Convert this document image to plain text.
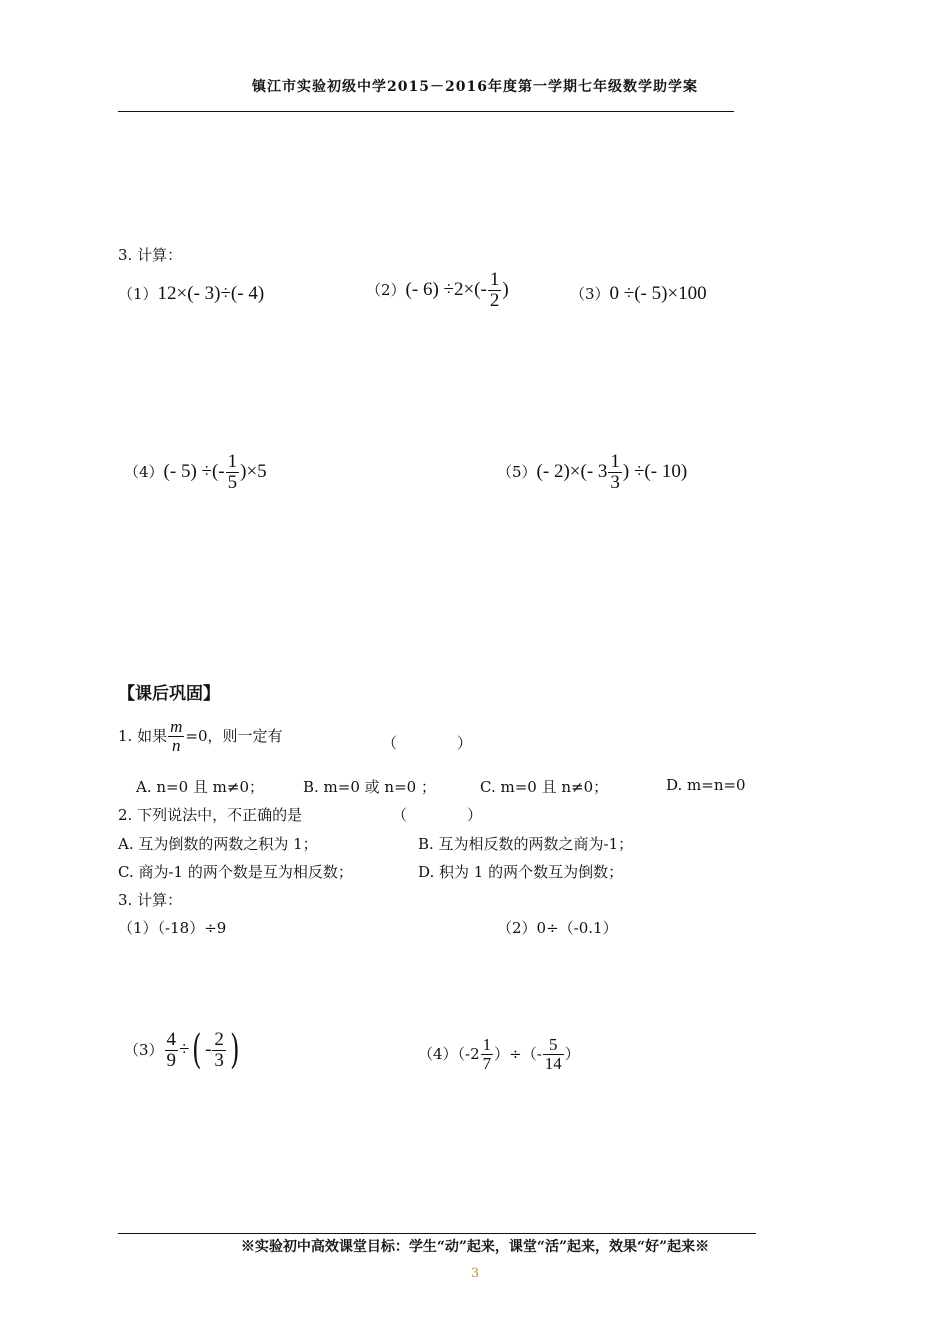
镇江市实验初级中学2015－2016年度第一学期七年级数学助学案
3. 计算：
（1）12×(- 3)÷(- 4)	（2）(- $6) \div 2\times(- \frac{1}{2}$ )	（3）0 ÷(- 5)×100
（4）(- 5) ÷(- $\frac{1}{5} )\times 5$	（5）(- 2)×(- $3 \frac{1}{3}$ ) ÷(- 10)
【课后巩固】
1. 如果 $\frac{m}{n} =0$，则一定有	（　　　　）
A. n=0 且 m≠0；	B. m=0 或 n=0 ；	C. m=0 且 n≠0；	D. m=n=0
2. 下列说法中，不正确的是	（　　　　）
A. 互为倒数的两数之积为 1；	B. 互为相反数的两数之商为-1；
C. 商为-1 的两个数是互为相反数；	D. 积为 1 的两个数互为倒数；
3. 计算：
（1）（-18）÷9	（2）0÷（-0.1）
$(3) \frac{4}{9}$ ÷( - $\frac{2}{3}$ )	$(4)(-2 \frac{1}{7}$ ）÷（- $\frac{5}{14}$ ）
※实验初中高效课堂目标：学生“动”起来，课堂“活”起来，效果“好”起来※
3
